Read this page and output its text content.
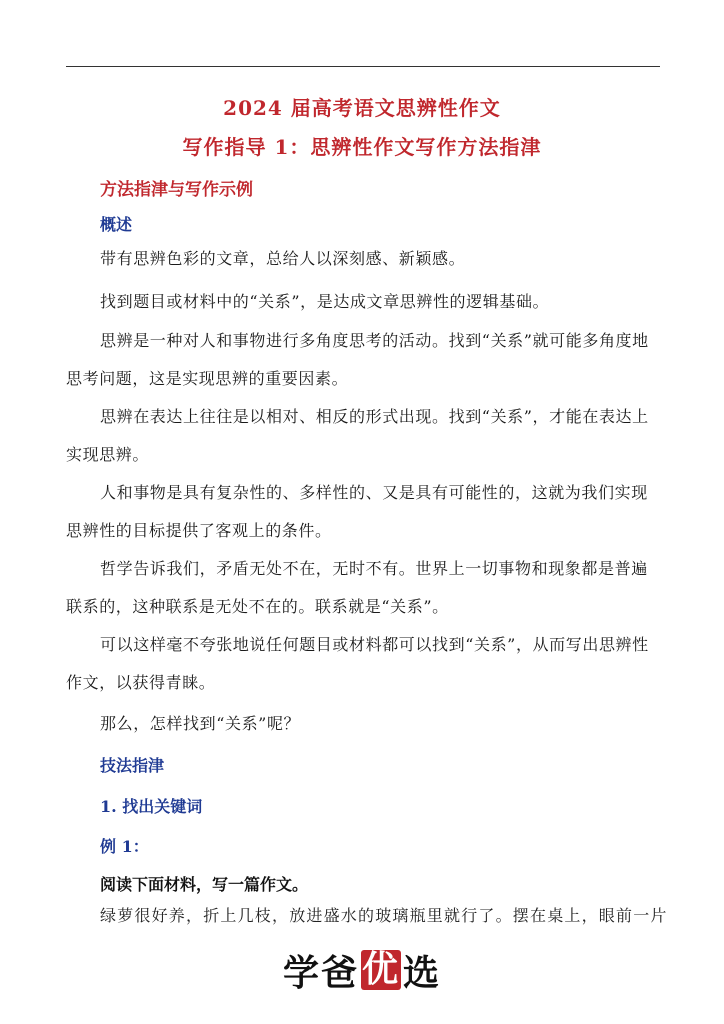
2024 届高考语文思辨性作文
写作指导 1：思辨性作文写作方法指津
方法指津与写作示例
概述

带有思辨色彩的文章，总给人以深刻感、新颖感。

找到题目或材料中的“关系”，是达成文章思辨性的逻辑基础。

思辨是一种对人和事物进行多角度思考的活动。找到“关系”就可能多角度地思考问题，这是实现思辨的重要因素。

思辨在表达上往往是以相对、相反的形式出现。找到“关系”，才能在表达上实现思辨。

人和事物是具有复杂性的、多样性的、又是具有可能性的，这就为我们实现思辨性的目标提供了客观上的条件。

哲学告诉我们，矛盾无处不在，无时不有。世界上一切事物和现象都是普遍联系的，这种联系是无处不在的。联系就是“关系”。

可以这样毫不夸张地说任何题目或材料都可以找到“关系”，从而写出思辨性作文，以获得青睐。

那么，怎样找到“关系”呢？

技法指津
1. 找出关键词
例 1：
阅读下面材料，写一篇作文。
绿萝很好养，折上几枝，放进盛水的玻璃瓶里就行了。摆在桌上，眼前一片
学 爸 优 选
